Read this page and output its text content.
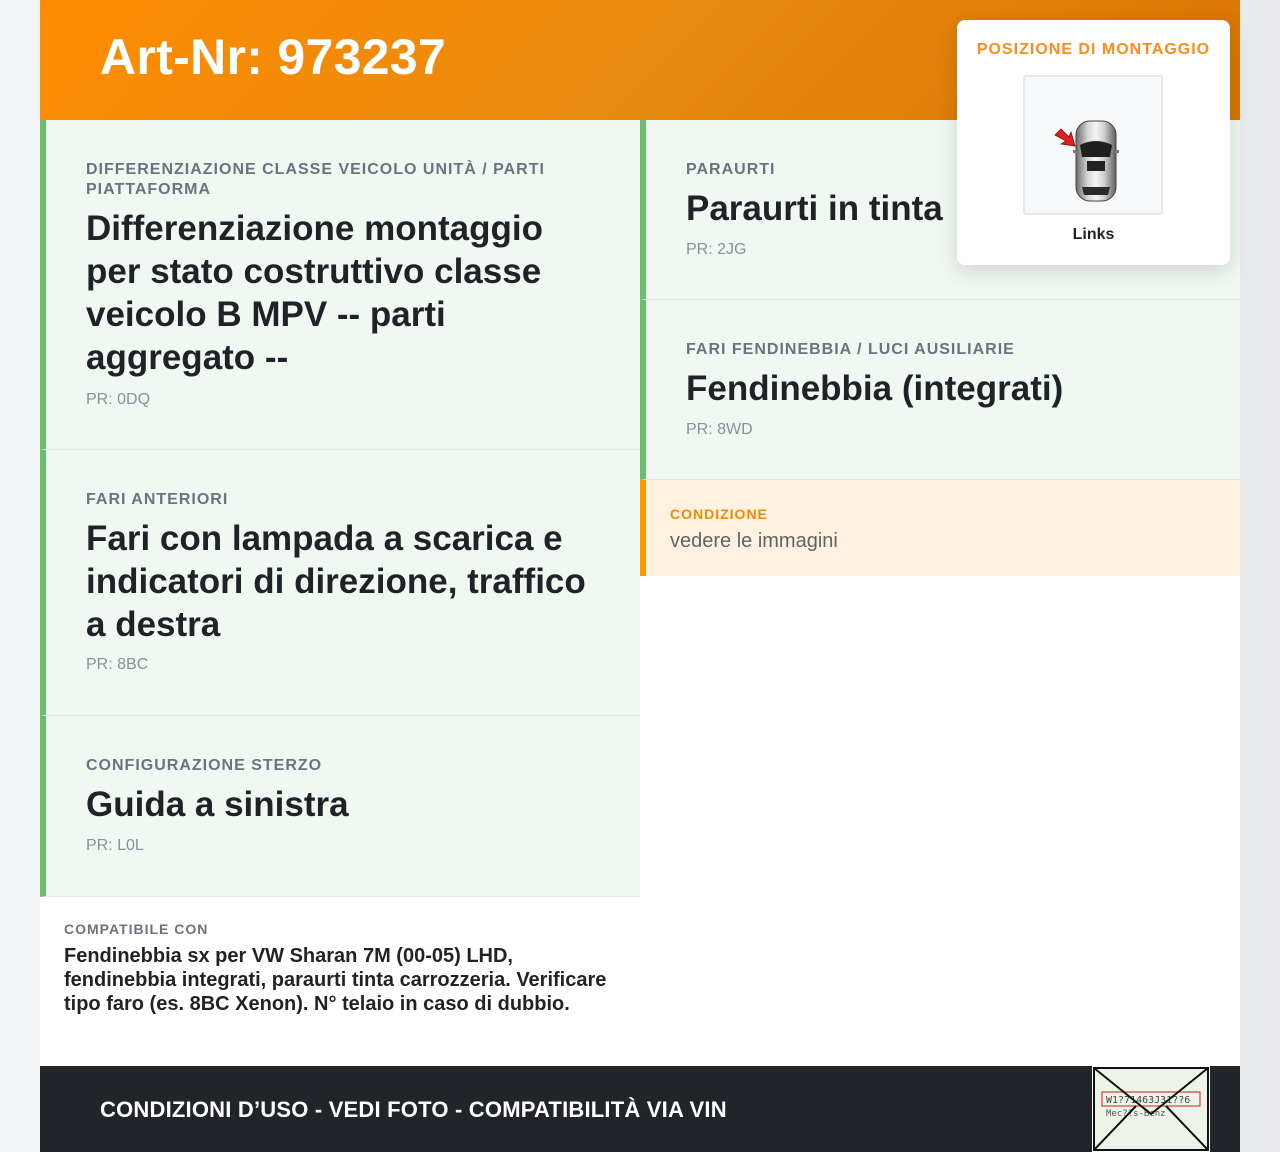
Art-Nr: 973237
DIFFERENZIAZIONE CLASSE VEICOLO UNITÀ / PARTI PIATTAFORMA
Differenziazione montaggio per stato costruttivo classe veicolo B MPV -- parti aggregato --
PR: 0DQ
FARI ANTERIORI
Fari con lampada a scarica e indicatori di direzione, traffico a destra
PR: 8BC
CONFIGURAZIONE STERZO
Guida a sinistra
PR: L0L
COMPATIBILE CON
Fendinebbia sx per VW Sharan 7M (00-05) LHD, fendinebbia integrati, paraurti tinta carrozzeria. Verificare tipo faro (es. 8BC Xenon). N° telaio in caso di dubbio.
PARAURTI
Paraurti in tinta
PR: 2JG
FARI FENDINEBBIA / LUCI AUSILIARIE
Fendinebbia (integrati)
PR: 8WD
CONDIZIONE
vedere le immagini
POSIZIONE DI MONTAGGIO
Links
CONDIZIONI D’USO - VEDI FOTO - COMPATIBILITÀ VIA VIN	W1?71463J31??6
Mec??s-Benz
